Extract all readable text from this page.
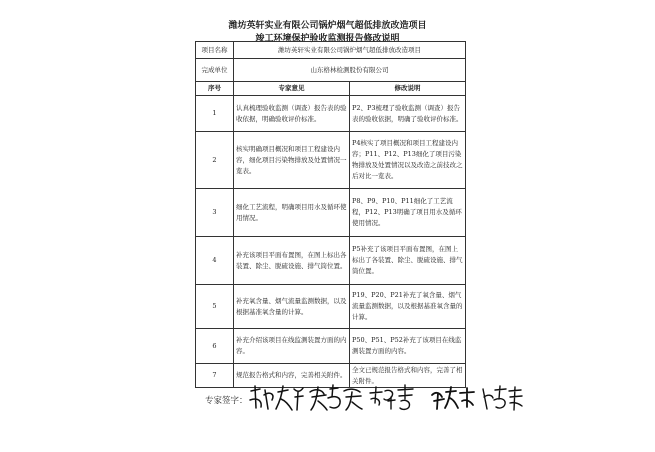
潍坊英轩实业有限公司锅炉烟气超低排放改造项目
竣工环境保护验收监测报告修改说明
项目名称	潍坊英轩实业有限公司锅炉烟气超低排放改造项目	
完成单位	山东格林检测股份有限公司	
序号	专家意见	修改说明
1	认真梳理验收监测（调查）报告表的验收依据，明确验收评价标准。	P2、P3梳理了验收监测（调查）报告表的验收依据，明确了验收评价标准。
2	核实明确项目概况和项目工程建设内容，细化项目污染物排放及处置情况一览表。	P4核实了项目概况和项目工程建设内容；P11、P12、P13细化了项目污染物排放及处置情况以及改造之前技改之后对比一览表。
3	细化工艺流程，明确项目用水及循环使用情况。	P8、P9、P10、P11细化了工艺流程，P12、P13明确了项目用水及循环使用情况。
4	补充该项目平面布置图，在图上标出各装置、除尘、脱硫设施、排气筒位置。	P5补充了该项目平面布置图，在图上标出了各装置、除尘、脱硫设施、排气筒位置。
5	补充氧含量、烟气流量监测数据，以及根据基准氧含量的计算。	P19、P20、P21补充了氧含量、烟气流量监测数据，以及根据基准氧含量的计算。
6	补充介绍该项目在线监测装置方面的内容。	P50、P51、P52补充了该项目在线监测装置方面的内容。
7	规范报告格式和内容，完善相关附件。	全文已规范报告格式和内容，完善了相关附件。
专家签字：
